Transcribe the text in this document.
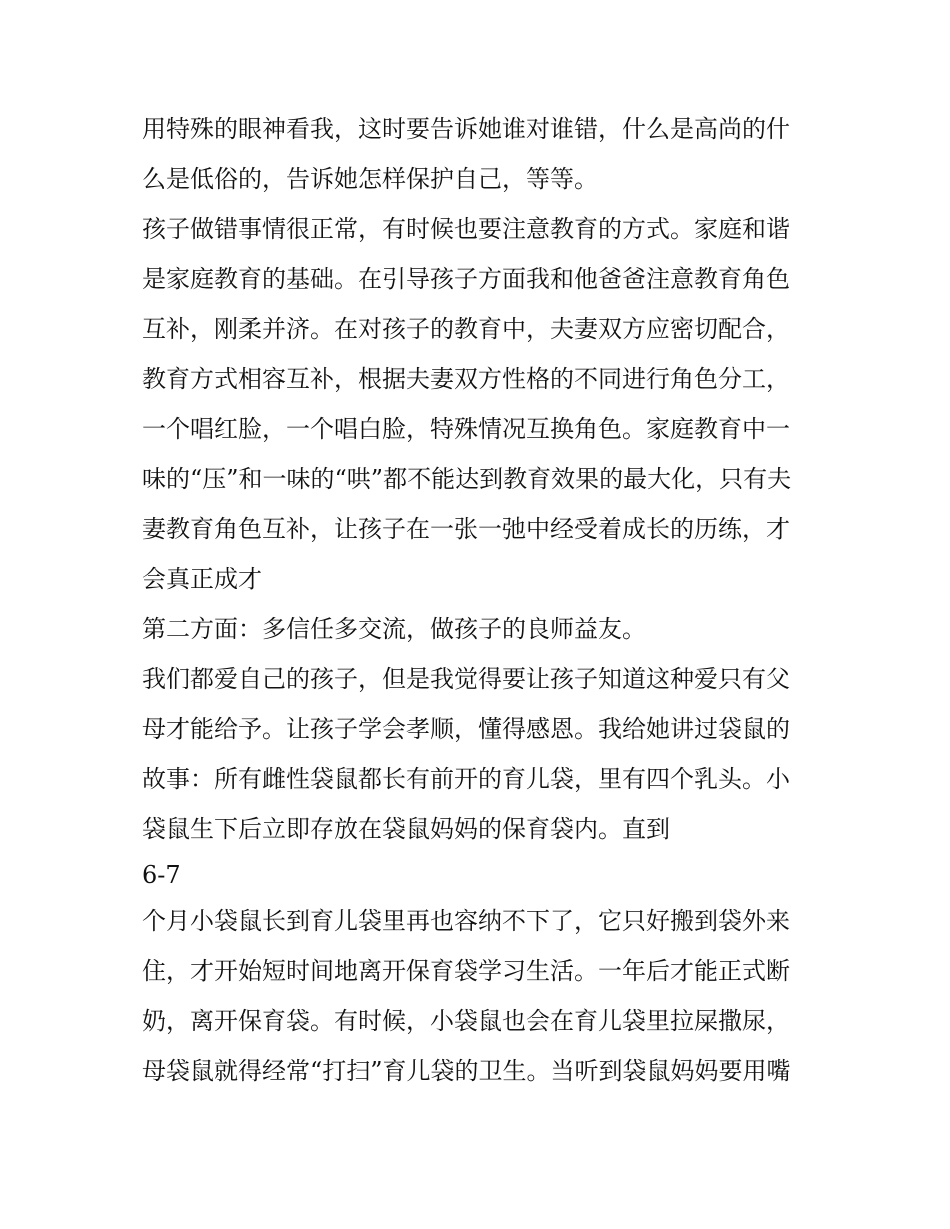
用特殊的眼神看我，这时要告诉她谁对谁错，什么是高尚的什
么是低俗的，告诉她怎样保护自己，等等。
孩子做错事情很正常，有时候也要注意教育的方式。家庭和谐
是家庭教育的基础。在引导孩子方面我和他爸爸注意教育角色
互补，刚柔并济。在对孩子的教育中，夫妻双方应密切配合，
教育方式相容互补，根据夫妻双方性格的不同进行角色分工，
一个唱红脸，一个唱白脸，特殊情况互换角色。家庭教育中一
味的“压”和一味的“哄”都不能达到教育效果的最大化，只有夫
妻教育角色互补，让孩子在一张一弛中经受着成长的历练，才
会真正成才
第二方面：多信任多交流，做孩子的良师益友。
我们都爱自己的孩子，但是我觉得要让孩子知道这种爱只有父
母才能给予。让孩子学会孝顺，懂得感恩。我给她讲过袋鼠的
故事：所有雌性袋鼠都长有前开的育儿袋，里有四个乳头。小
袋鼠生下后立即存放在袋鼠妈妈的保育袋内。直到
6-7
个月小袋鼠长到育儿袋里再也容纳不下了，它只好搬到袋外来
住，才开始短时间地离开保育袋学习生活。一年后才能正式断
奶，离开保育袋。有时候，小袋鼠也会在育儿袋里拉屎撒尿，
母袋鼠就得经常“打扫”育儿袋的卫生。当听到袋鼠妈妈要用嘴
